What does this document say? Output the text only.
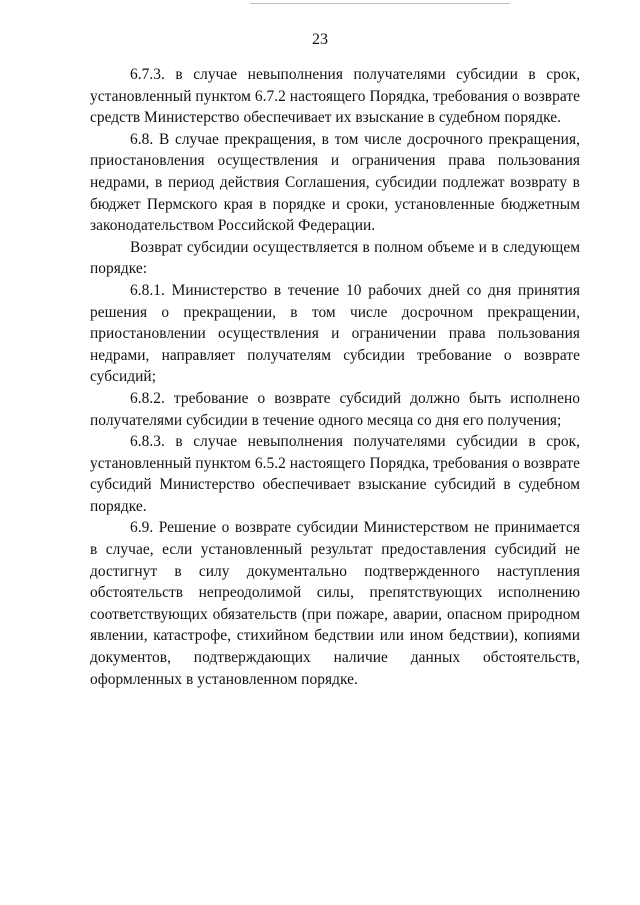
23

6.7.3. в случае невыполнения получателями субсидии в срок, установленный пунктом 6.7.2 настоящего Порядка, требования о возврате средств Министерство обеспечивает их взыскание в судебном порядке.

6.8. В случае прекращения, в том числе досрочного прекращения, приостановления осуществления и ограничения права пользования недрами, в период действия Соглашения, субсидии подлежат возврату в бюджет Пермского края в порядке и сроки, установленные бюджетным законодательством Российской Федерации.

Возврат субсидии осуществляется в полном объеме и в следующем порядке:

6.8.1. Министерство в течение 10 рабочих дней со дня принятия решения о прекращении, в том числе досрочном прекращении, приостановлении осуществления и ограничении права пользования недрами, направляет получателям субсидии требование о возврате субсидий;

6.8.2. требование о возврате субсидий должно быть исполнено получателями субсидии в течение одного месяца со дня его получения;

6.8.3. в случае невыполнения получателями субсидии в срок, установленный пунктом 6.5.2 настоящего Порядка, требования о возврате субсидий Министерство обеспечивает взыскание субсидий в судебном порядке.

6.9. Решение о возврате субсидии Министерством не принимается в случае, если установленный результат предоставления субсидий не достигнут в силу документально подтвержденного наступления обстоятельств непреодолимой силы, препятствующих исполнению соответствующих обязательств (при пожаре, аварии, опасном природном явлении, катастрофе, стихийном бедствии или ином бедствии), копиями документов, подтверждающих наличие данных обстоятельств, оформленных в установленном порядке.
